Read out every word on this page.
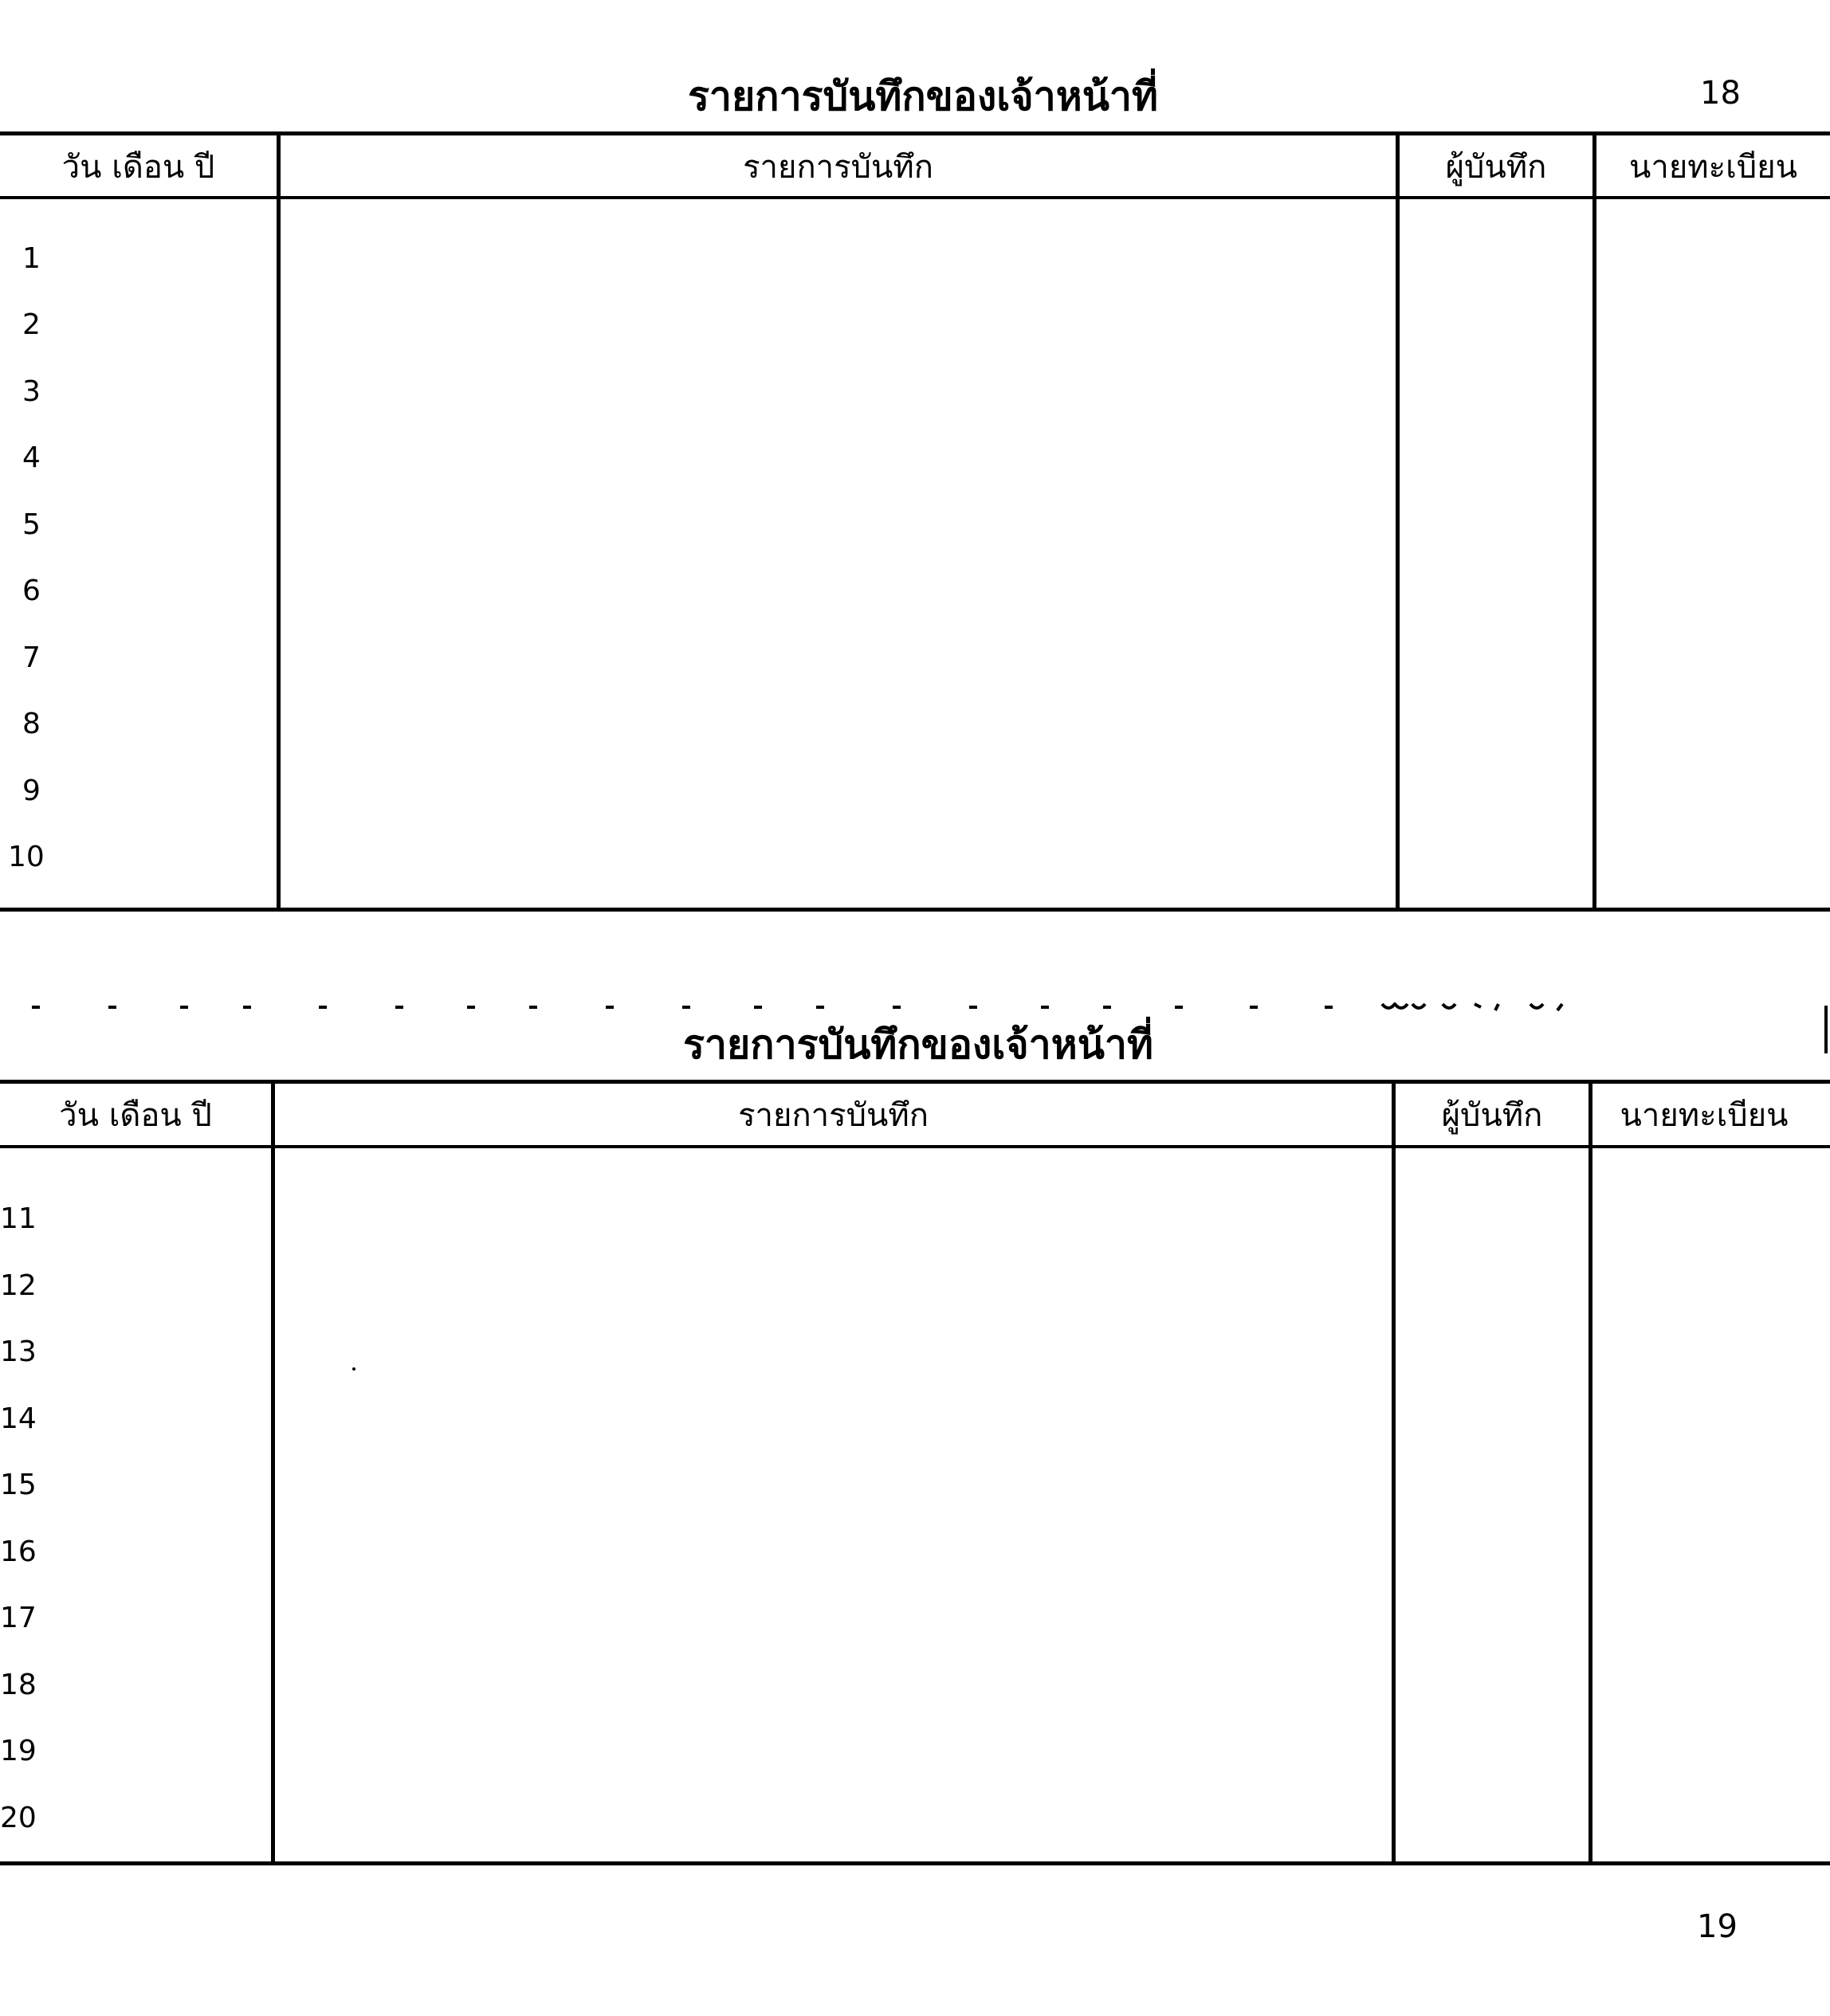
18
19
รายการบันทึกของเจ้าหน้าที่
วัน เดือน ปี	รายการบันทึก	ผู้บันทึก	นายทะเบียน
1
2
3
4
5
6
7
8
9
10
รายการบันทึกของเจ้าหน้าที่
วัน เดือน ปี	รายการบันทึก	ผู้บันทึก	นายทะเบียน
11
12
13
14
15
16
17
18
19
20
